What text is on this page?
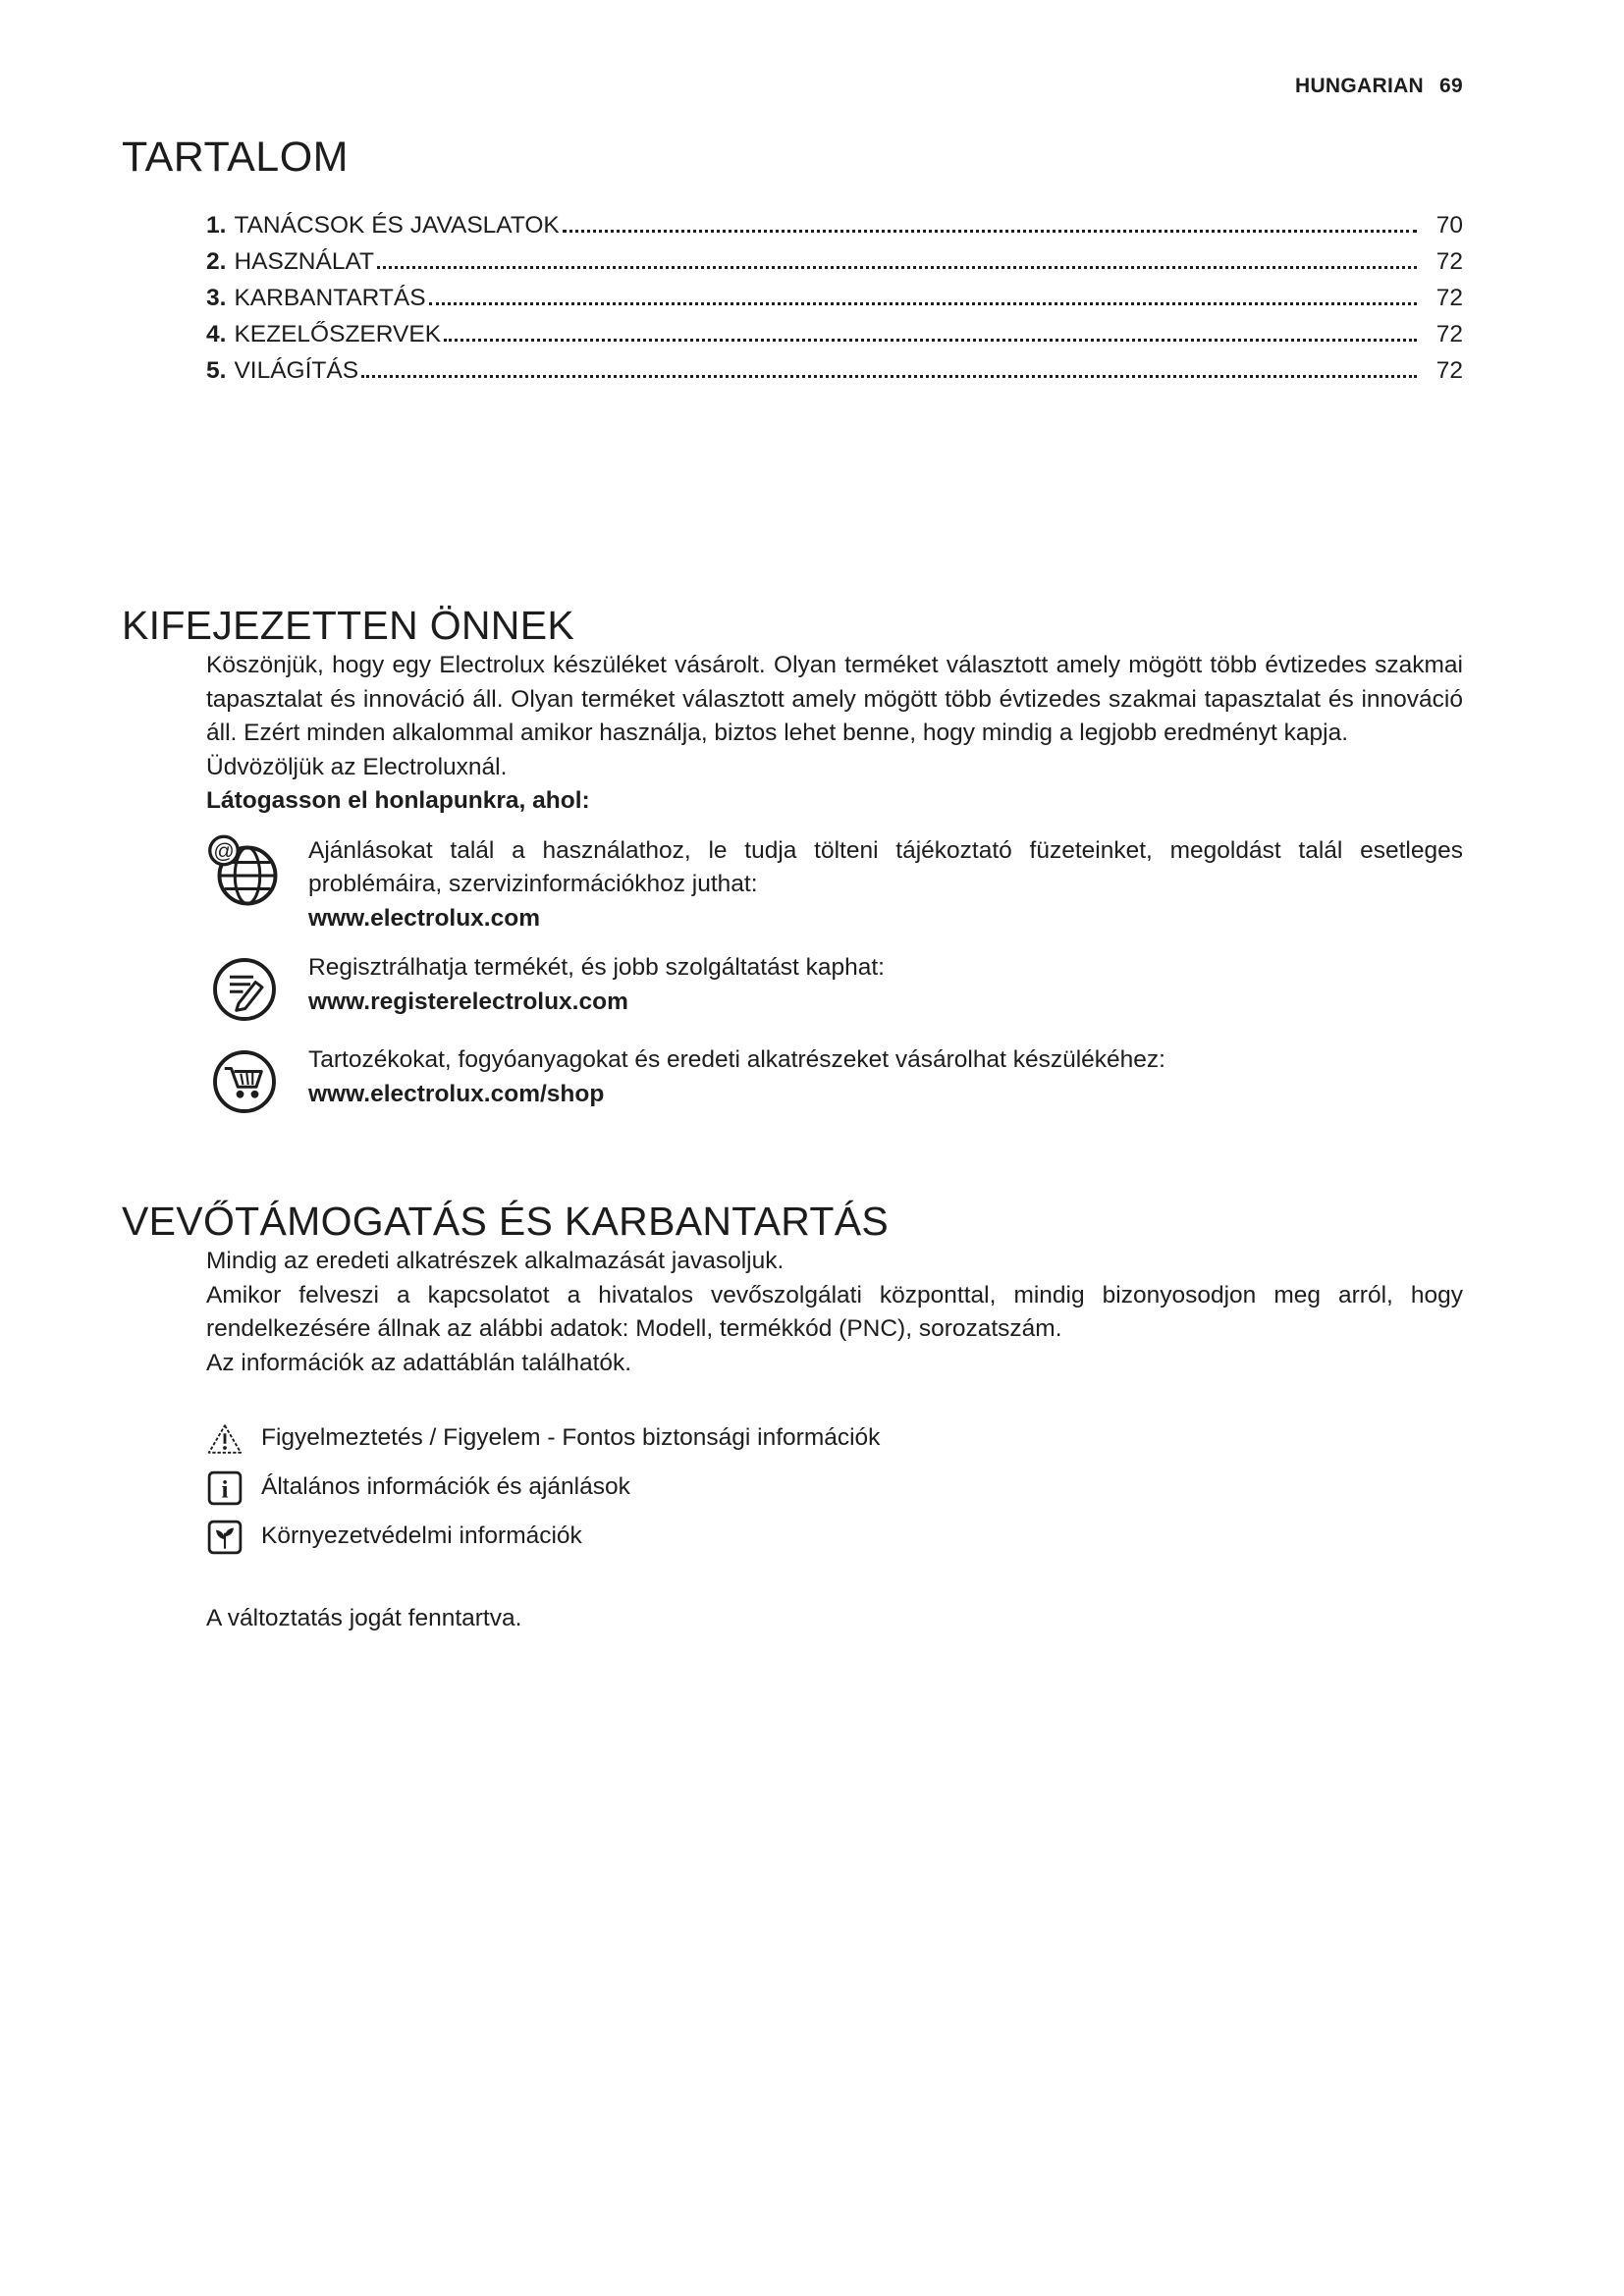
HUNGARIAN 69
TARTALOM
1. TANÁCSOK ÉS JAVASLATOK	70
2. HASZNÁLAT	72
3. KARBANTARTÁS	72
4. KEZELŐSZERVEK	72
5. VILÁGÍTÁS	72
KIFEJEZETTEN ÖNNEK

Köszönjük, hogy egy Electrolux készüléket vásárolt. Olyan terméket választott amely mögött több évtizedes szakmai tapasztalat és innováció áll. Olyan terméket választott amely mögött több évtizedes szakmai tapasztalat és innováció áll. Ezért minden alkalommal amikor használja, biztos lehet benne, hogy mindig a legjobb eredményt kapja.

Üdvözöljük az Electroluxnál.

Látogasson el honlapunkra, ahol:

@	Ajánlásokat talál a használathoz, le tudja tölteni tájékoztató füzeteinket, megoldást talál esetleges problémáira, szervizinformációkhoz juthat:

www.electrolux.com

Regisztrálhatja termékét, és jobb szolgáltatást kaphat:

www.registerelectrolux.com

Tartozékokat, fogyóanyagokat és eredeti alkatrészeket vásárolhat készülékéhez:

www.electrolux.com/shop

VEVŐTÁMOGATÁS ÉS KARBANTARTÁS

Mindig az eredeti alkatrészek alkalmazását javasoljuk.

Amikor felveszi a kapcsolatot a hivatalos vevőszolgálati központtal, mindig bizonyosodjon meg arról, hogy rendelkezésére állnak az alábbi adatok: Modell, termékkód (PNC), sorozatszám.

Az információk az adattáblán találhatók.

Figyelmeztetés / Figyelem - Fontos biztonsági információk
i Általános információk és ajánlások
Környezetvédelmi információk

A változtatás jogát fenntartva.
